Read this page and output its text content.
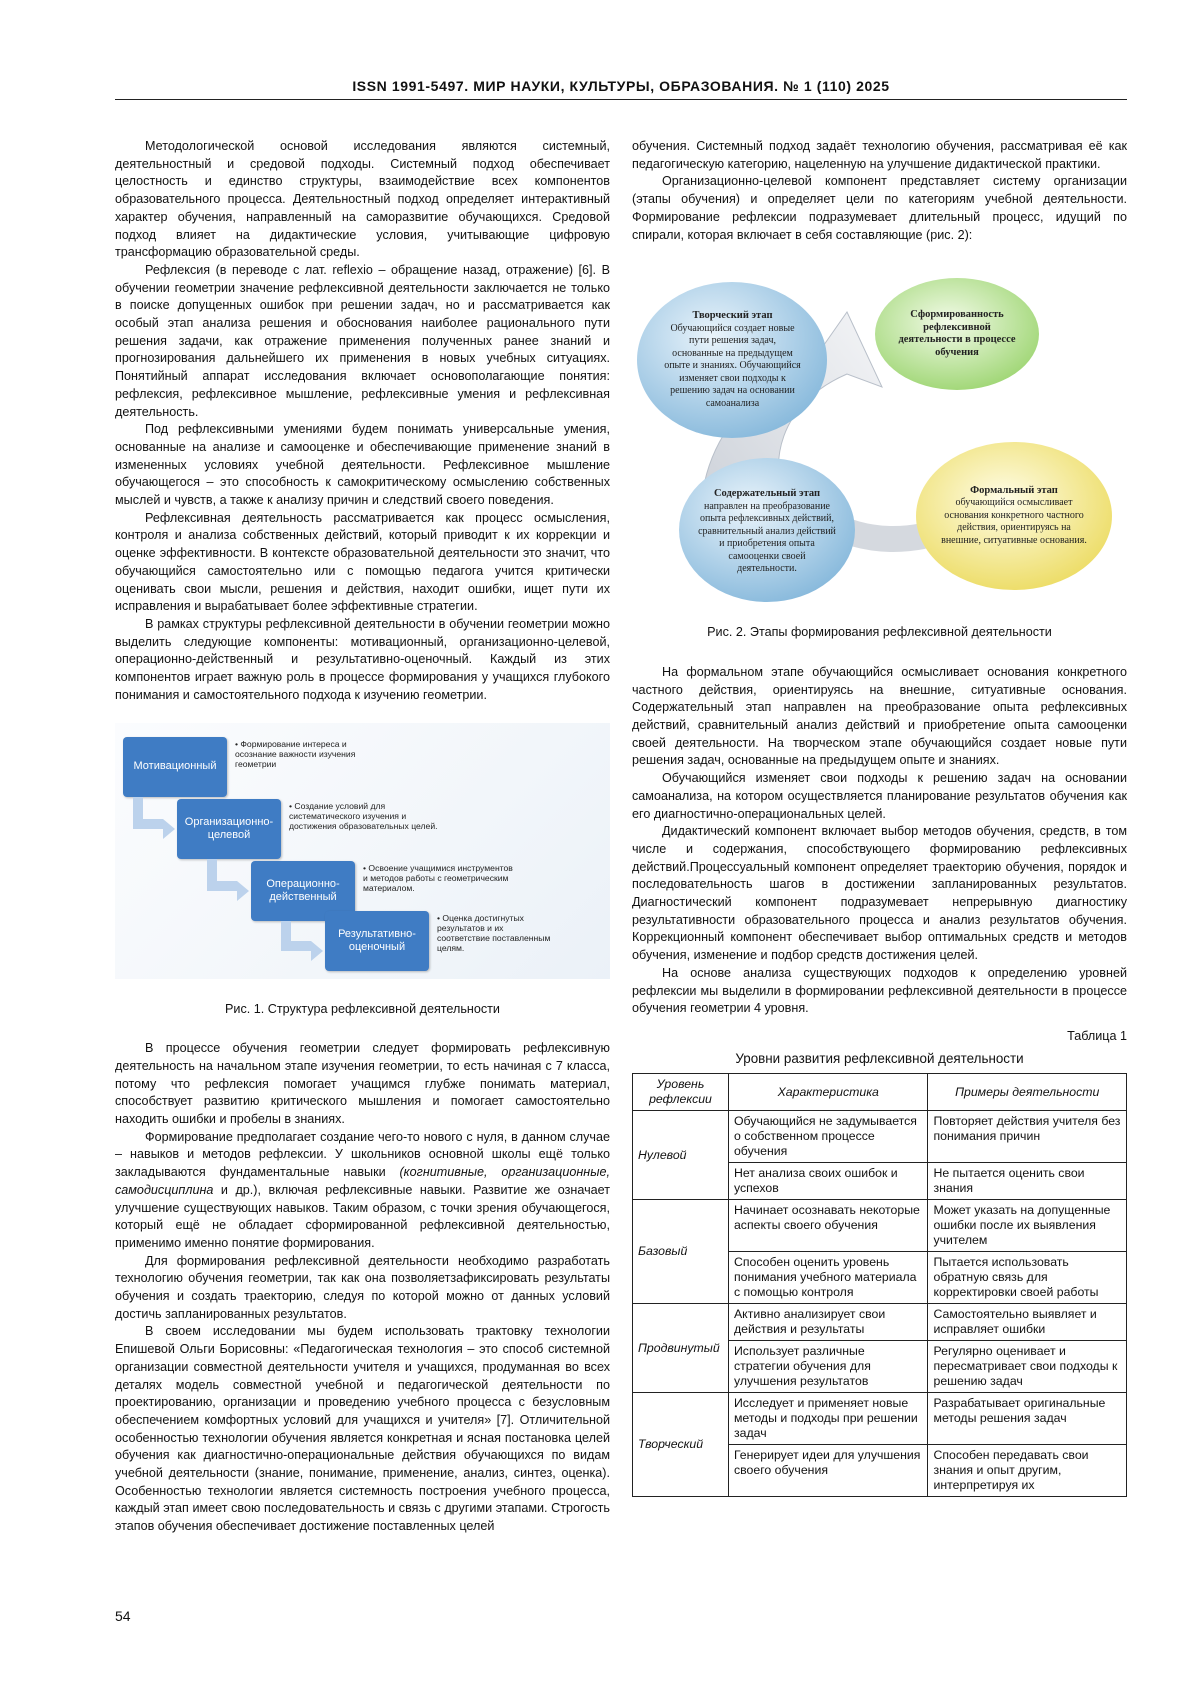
ISSN 1991-5497. МИР НАУКИ, КУЛЬТУРЫ, ОБРАЗОВАНИЯ. № 1 (110) 2025

Методологической основой исследования являются системный, деятельностный и средовой подходы. Системный подход обеспечивает целостность и единство структуры, взаимодействие всех компонентов образовательного процесса. Деятельностный подход определяет интерактивный характер обучения, направленный на саморазвитие обучающихся. Средовой подход влияет на дидактические условия, учитывающие цифровую трансформацию образовательной среды.

Рефлексия (в переводе с лат. reflexio – обращение назад, отражение) [6]. В обучении геометрии значение рефлексивной деятельности заключается не только в поиске допущенных ошибок при решении задач, но и рассматривается как особый этап анализа решения и обоснования наиболее рационального пути решения задачи, как отражение применения полученных ранее знаний и прогнозирования дальнейшего их применения в новых учебных ситуациях. Понятийный аппарат исследования включает основополагающие понятия: рефлексия, рефлексивное мышление, рефлексивные умения и рефлексивная деятельность.

Под рефлексивными умениями будем понимать универсальные умения, основанные на анализе и самооценке и обеспечивающие применение знаний в измененных условиях учебной деятельности. Рефлексивное мышление обучающегося – это способность к самокритическому осмыслению собственных мыслей и чувств, а также к анализу причин и следствий своего поведения.

Рефлексивная деятельность рассматривается как процесс осмысления, контроля и анализа собственных действий, который приводит к их коррекции и оценке эффективности. В контексте образовательной деятельности это значит, что обучающийся самостоятельно или с помощью педагога учится критически оценивать свои мысли, решения и действия, находит ошибки, ищет пути их исправления и вырабатывает более эффективные стратегии.

В рамках структуры рефлексивной деятельности в обучении геометрии можно выделить следующие компоненты: мотивационный, организационно-целевой, операционно-действенный и результативно-оценочный. Каждый из этих компонентов играет важную роль в процессе формирования у учащихся глубокого понимания и самостоятельного подхода к изучению геометрии.

Мотивационный
• Формирование интереса и осознание важности изучения геометрии
Организационно-целевой
• Создание условий для систематического изучения и достижения образовательных целей.
Операционно-действенный
• Освоение учащимися инструментов и методов работы с геометрическим материалом.
Результативно-оценочный
• Оценка достигнутых результатов и их соответствие поставленным целям.

Рис. 1. Структура рефлексивной деятельности

В процессе обучения геометрии следует формировать рефлексивную деятельность на начальном этапе изучения геометрии, то есть начиная с 7 класса, потому что рефлексия помогает учащимся глубже понимать материал, способствует развитию критического мышления и помогает самостоятельно находить ошибки и пробелы в знаниях.

Формирование предполагает создание чего-то нового с нуля, в данном случае – навыков и методов рефлексии. У школьников основной школы ещё только закладываются фундаментальные навыки (когнитивные, организационные, самодисциплина и др.), включая рефлексивные навыки. Развитие же означает улучшение существующих навыков. Таким образом, с точки зрения обучающегося, который ещё не обладает сформированной рефлексивной деятельностью, применимо именно понятие формирования.

Для формирования рефлексивной деятельности необходимо разработать технологию обучения геометрии, так как она позволяетзафиксировать результаты обучения и создать траекторию, следуя по которой можно от данных условий достичь запланированных результатов.

В своем исследовании мы будем использовать трактовку технологии Епишевой Ольги Борисовны: «Педагогическая технология – это способ системной организации совместной деятельности учителя и учащихся, продуманная во всех деталях модель совместной учебной и педагогической деятельности по проектированию, организации и проведению учебного процесса с безусловным обеспечением комфортных условий для учащихся и учителя» [7]. Отличительной особенностью технологии обучения является конкретная и ясная постановка целей обучения как диагностично-операциональные действия обучающихся по видам учебной деятельности (знание, понимание, применение, анализ, синтез, оценка). Особенностью технологии является системность построения учебного процесса, каждый этап имеет свою последовательность и связь с другими этапами. Строгость этапов обучения обеспечивает достижение поставленных целей

обучения. Системный подход задаёт технологию обучения, рассматривая её как педагогическую категорию, нацеленную на улучшение дидактической практики.

Организационно-целевой компонент представляет систему организации (этапы обучения) и определяет цели по категориям учебной деятельности. Формирование рефлексии подразумевает длительный процесс, идущий по спирали, которая включает в себя составляющие (рис. 2):

Творческий этап
Обучающийся создает новые пути решения задач, основанные на предыдущем опыте и знаниях. Обучающийся изменяет свои подходы к решению задач на основании самоанализа
Сформированность рефлексивной деятельности в процессе обучения
Содержательный этап
направлен на преобразование опыта рефлексивных действий, сравнительный анализ действий и приобретения опыта самооценки своей деятельности.
Формальный этап
обучающийся осмысливает основания конкретного частного действия, ориентируясь на внешние, ситуативные основания.

Рис. 2. Этапы формирования рефлексивной деятельности

На формальном этапе обучающийся осмысливает основания конкретного частного действия, ориентируясь на внешние, ситуативные основания. Содержательный этап направлен на преобразование опыта рефлексивных действий, сравнительный анализ действий и приобретение опыта самооценки своей деятельности. На творческом этапе обучающийся создает новые пути решения задач, основанные на предыдущем опыте и знаниях.

Обучающийся изменяет свои подходы к решению задач на основании самоанализа, на котором осуществляется планирование результатов обучения как его диагностично-операциональных целей.

Дидактический компонент включает выбор методов обучения, средств, в том числе и содержания, способствующего формированию рефлексивных действий.Процессуальный компонент определяет траекторию обучения, порядок и последовательность шагов в достижении запланированных результатов. Диагностический компонент подразумевает непрерывную диагностику результативности образовательного процесса и анализ результатов обучения. Коррекционный компонент обеспечивает выбор оптимальных средств и методов обучения, изменение и подбор средств достижения целей.

На основе анализа существующих подходов к определению уровней рефлексии мы выделили в формировании рефлексивной деятельности в процессе обучения геометрии 4 уровня.

Таблица 1

Уровни развития рефлексивной деятельности

Уровень рефлексии	Характеристика	Примеры деятельности
Нулевой	Обучающийся не задумывается о собственном процессе обучения	Повторяет действия учителя без понимания причин
Нет анализа своих ошибок и успехов	Не пытается оценить свои знания
Базовый	Начинает осознавать некоторые аспекты своего обучения	Может указать на допущенные ошибки после их выявления учителем
Способен оценить уровень понимания учебного материала с помощью контроля	Пытается использовать обратную связь для корректировки своей работы
Продвинутый	Активно анализирует свои действия и результаты	Самостоятельно выявляет и исправляет ошибки
Использует различные стратегии обучения для улучшения результатов	Регулярно оценивает и пересматривает свои подходы к решению задач
Творческий	Исследует и применяет новые методы и подходы при решении задач	Разрабатывает оригинальные методы решения задач
Генерирует идеи для улучшения своего обучения	Способен передавать свои знания и опыт другим, интерпретируя их
54
